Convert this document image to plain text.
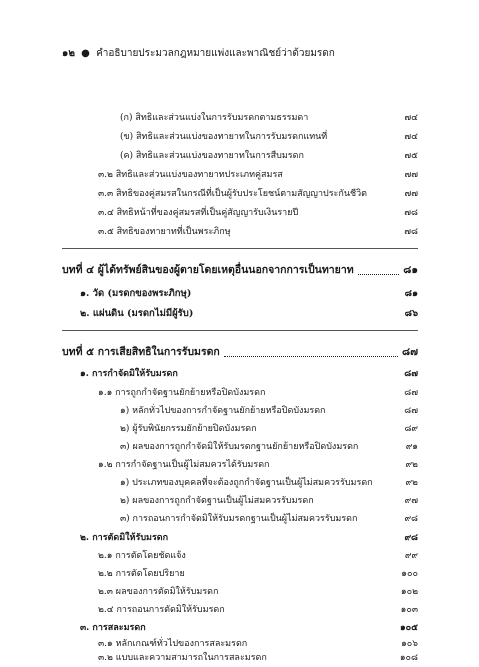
๑๒ ● คำอธิบายประมวลกฎหมายแพ่งและพาณิชย์ว่าด้วยมรดก
(ก) สิทธิและส่วนแบ่งในการรับมรดกตามธรรมดา	๗๔
(ข) สิทธิและส่วนแบ่งของทายาทในการรับมรดกแทนที่	๗๔
(ค) สิทธิและส่วนแบ่งของทายาทในการสืบมรดก	๗๕
๓.๒ สิทธิและส่วนแบ่งของทายาทประเภทคู่สมรส	๗๗
๓.๓ สิทธิของคู่สมรสในกรณีที่เป็นผู้รับประโยชน์ตามสัญญาประกันชีวิต	๗๗
๓.๔ สิทธิหน้าที่ของคู่สมรสที่เป็นคู่สัญญารับเงินรายปี	๗๘
๓.๕ สิทธิของทายาทที่เป็นพระภิกษุ	๗๘
บทที่ ๔ ผู้ได้ทรัพย์สินของผู้ตายโดยเหตุอื่นนอกจากการเป็นทายาท	๘๑
๑. วัด (มรดกของพระภิกษุ)	๘๑
๒. แผ่นดิน (มรดกไม่มีผู้รับ)	๘๖
บทที่ ๕ การเสียสิทธิในการรับมรดก	๘๗
๑. การกำจัดมิให้รับมรดก	๘๗
๑.๑ การถูกกำจัดฐานยักย้ายหรือปิดบังมรดก	๘๗
๑) หลักทั่วไปของการกำจัดฐานยักย้ายหรือปิดบังมรดก	๘๗
๒) ผู้รับพินัยกรรมยักย้ายปิดบังมรดก	๘๙
๓) ผลของการถูกกำจัดมิให้รับมรดกฐานยักย้ายหรือปิดบังมรดก	๙๑
๑.๒ การกำจัดฐานเป็นผู้ไม่สมควรได้รับมรดก	๙๒
๑) ประเภทของบุคคลที่จะต้องถูกกำจัดฐานเป็นผู้ไม่สมควรรับมรดก	๙๒
๒) ผลของการถูกกำจัดฐานเป็นผู้ไม่สมควรรับมรดก	๙๗
๓) การถอนการกำจัดมิให้รับมรดกฐานเป็นผู้ไม่สมควรรับมรดก	๙๘
๒. การตัดมิให้รับมรดก	๙๘
๒.๑ การตัดโดยชัดแจ้ง	๙๙
๒.๒ การตัดโดยปริยาย	๑๐๐
๒.๓ ผลของการตัดมิให้รับมรดก	๑๐๒
๒.๔ การถอนการตัดมิให้รับมรดก	๑๐๓
๓. การสละมรดก	๑๐๕
๓.๑ หลักเกณฑ์ทั่วไปของการสละมรดก	๑๐๖
๓.๒ แบบและความสามารถในการสละมรดก	๑๐๘
